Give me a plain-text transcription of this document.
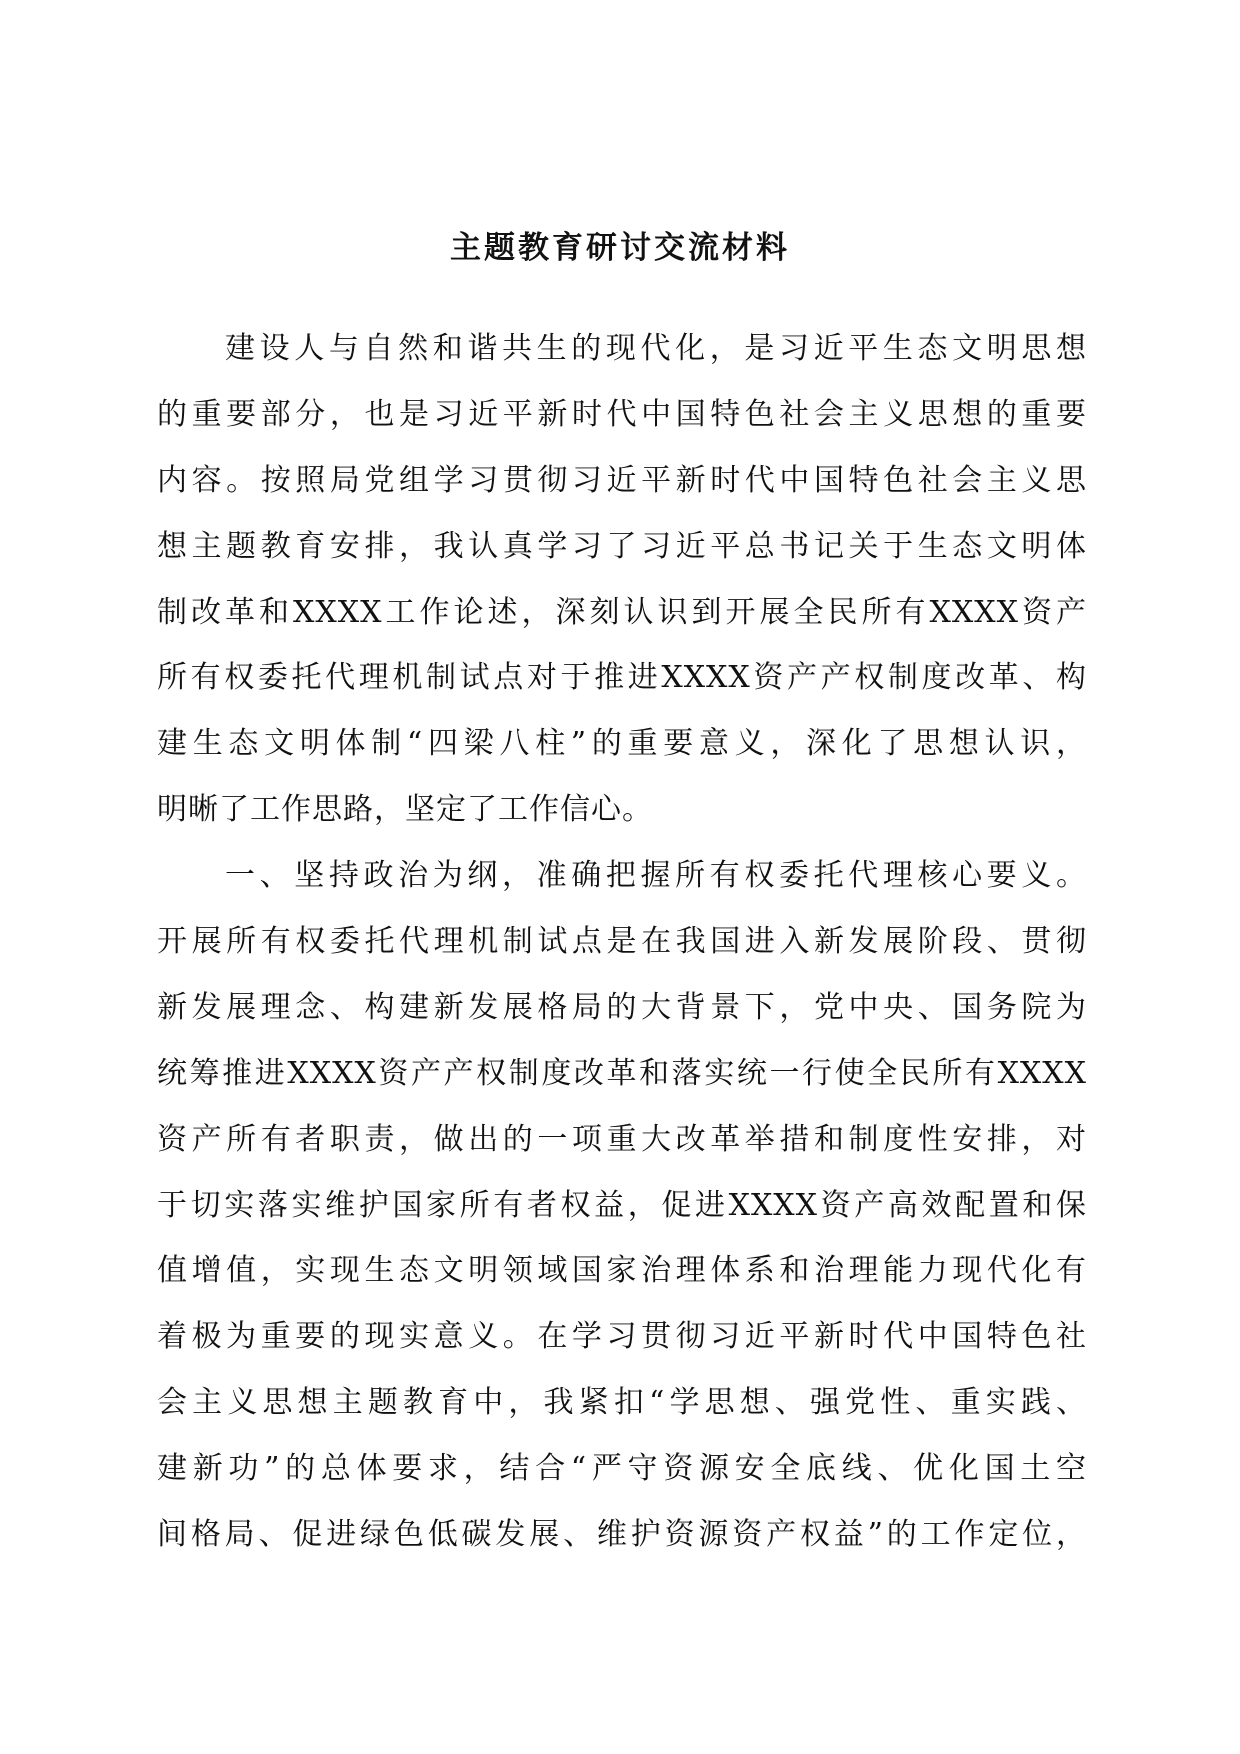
主题教育研讨交流材料
建设人与自然和谐共生的现代化，是习近平生态文明思想
的重要部分，也是习近平新时代中国特色社会主义思想的重要
内容。按照局党组学习贯彻习近平新时代中国特色社会主义思
想主题教育安排，我认真学习了习近平总书记关于生态文明体
制改革和XXXX工作论述，深刻认识到开展全民所有XXXX资产
所有权委托代理机制试点对于推进XXXX资产产权制度改革、构
建生态文明体制“四梁八柱”的重要意义，深化了思想认识，
明晰了工作思路，坚定了工作信心。
一、坚持政治为纲，准确把握所有权委托代理核心要义。
开展所有权委托代理机制试点是在我国进入新发展阶段、贯彻
新发展理念、构建新发展格局的大背景下，党中央、国务院为
统筹推进XXXX资产产权制度改革和落实统一行使全民所有XXXX
资产所有者职责，做出的一项重大改革举措和制度性安排，对
于切实落实维护国家所有者权益，促进XXXX资产高效配置和保
值增值，实现生态文明领域国家治理体系和治理能力现代化有
着极为重要的现实意义。在学习贯彻习近平新时代中国特色社
会主义思想主题教育中，我紧扣“学思想、强党性、重实践、
建新功”的总体要求，结合“严守资源安全底线、优化国土空
间格局、促进绿色低碳发展、维护资源资产权益”的工作定位，
